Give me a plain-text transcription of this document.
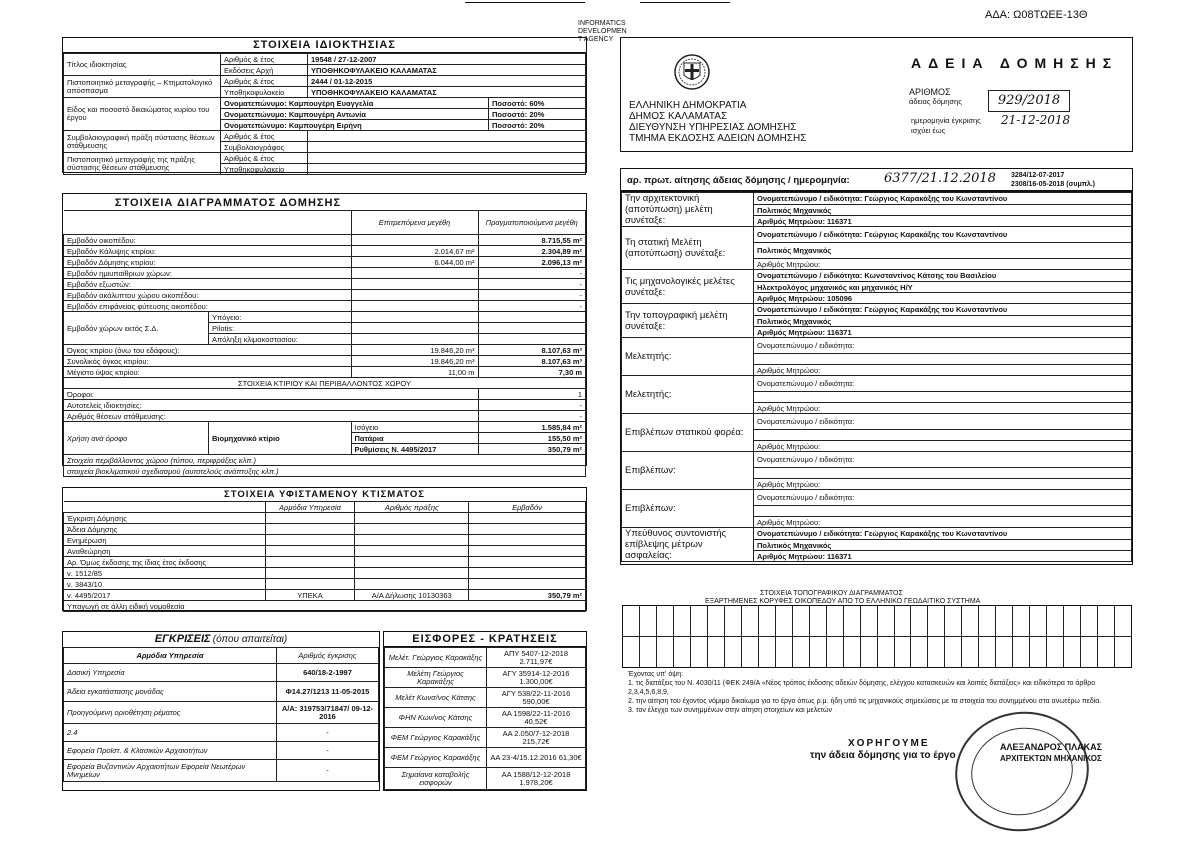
ΑΔΑ: Ω08ΤΩΕΕ-13Θ
INFORMATICS
DEVELOPMEN
T AGENCY
ΣΤΟΙΧΕΙΑ ΙΔΙΟΚΤΗΣΙΑΣ
Τίτλος ιδιοκτησίας	Αριθμός & έτος	19548 / 27-12-2007	
	Εκδόσεις Αρχή	ΥΠΟΘΗΚΟΦΥΛΑΚΕΙΟ ΚΑΛΑΜΑΤΑΣ	
Πιστοποιητικό μεταγραφής – Κτηματολογικό απόσπασμα	Αριθμός & έτος	2444 / 01-12-2015	
	Υποθηκοφυλακείο	ΥΠΟΘΗΚΟΦΥΛΑΚΕΙΟ ΚΑΛΑΜΑΤΑΣ	
Είδος και ποσοστό δικαιώματος κυρίου του έργου	Ονοματεπώνυμο: Καμπουγέρη Ευαγγελία		Ποσοστό: 60%
	Ονοματεπώνυμο: Καμπουγέρη Αντωνία		Ποσοστό: 20%
	Ονοματεπώνυμο: Καμπουγέρη Ειρήνη		Ποσοστό: 20%
Συμβολαιογραφική πράξη σύστασης θέσεων στάθμευσης	Αριθμός & έτος		
	Συμβολαιογράφος		
Πιστοποιητικό μεταγραφής της πράξης σύστασης θέσεων στάθμευσης	Αριθμός & έτος		
	Υποθηκοφυλακείο		
ΣΤΟΙΧΕΙΑ ΔΙΑΓΡΑΜΜΑΤΟΣ ΔΟΜΗΣΗΣ
		Επιτρεπόμενα μεγέθη	Πραγματοποιούμενα μεγέθη
Εμβαδόν οικοπέδου:			8.715,55 m²
Εμβαδόν Κάλυψης κτιρίου:		2.014,67 m²	2.304,89 m²
Εμβαδόν Δόμησης κτιρίου:		6.044,00 m²	2.096,13 m²
Εμβαδόν ημιυπαίθριων χώρων:			-
Εμβαδόν εξωστών:			-
Εμβαδόν ακάλυπτου χώρου οικοπέδου:			-
Εμβαδόν επιφάνειας φύτευσης οικοπέδου:			-
Εμβαδόν χώρων εκτός Σ.Δ.	Υπόγειο:		
	Pilotis:		
	Απόληξη κλιμακοστασίου:		
Όγκος κτιρίου (όνω του εδάφους):		19.846,20 m³	8.107,63 m³
Συνολικός όγκος κτιρίου:		19.846,20 m³	8.107,63 m³
Μέγιστο ύψος κτιρίου:		11,00 m	7,30 m
ΣΤΟΙΧΕΙΑ ΚΤΙΡΙΟΥ ΚΑΙ ΠΕΡΙΒΑΛΛΟΝΤΟΣ ΧΩΡΟΥ			
Όροφοι:			1
Αυτοτελείς ιδιοκτησίες:			-
Αριθμός θέσεων στάθμευσης:			-
Χρήση ανά όροφο	Βιομηχανικό κτίριο	Ισόγειο	1.585,84 m²
		Πατάρια	155,50 m²
		Ρυθμίσεις Ν. 4495/2017	350,79 m²
Στοιχεία περιβάλλοντος χώρου (τύπου, περιφράξεις κλπ.)			
στοιχεία βιοκλιματικού σχεδιασμού (αυτοτελούς ανάπτυξης κλπ.)			
ΣΤΟΙΧΕΙΑ ΥΦΙΣΤΑΜΕΝΟΥ ΚΤΙΣΜΑΤΟΣ
	Αρμόδια Υπηρεσία	Αριθμός πράξης	Εμβαδόν
Έγκριση Δόμησης			
Άδεια Δόμησης			
Ενημέρωση			
Αναθεώρηση			
Αρ. Όμως έκδοσης της ίδιας έτος έκδοσης			
ν. 1512/85			
ν. 3843/10			
ν. 4495/2017	ΥΠΕΚΑ	Α/Α Δήλωσης 10130363	350,79 m²
Υπαγωγή σε άλλη ειδική νομοθεσία			
ΕΓΚΡΙΣΕΙΣ (όπου απαιτείται)
Αρμόδια Υπηρεσία	Αριθμός έγκρισης
Δασική Υπηρεσία	640/18-2-1997
Άδεια εγκατάστασης μονάδας	Φ14.27/1213 11-05-2015
Προηγούμενη οριοθέτηση ρέματος	Α/Α: 319753/71847/ 09-12-2016
2.4	-
Εφορεία Προϊστ. & Κλασικών Αρχαιοτήτων	-
Εφορεία Βυζαντινών Αρχαιοτήτων Εφορεία Νεωτέρων Μνημείων	-
ΕΙΣΦΟΡΕΣ - ΚΡΑΤΗΣΕΙΣ
Μελέτ. Γεώργιος Καρακάξης	ΑΠΥ 5407-12-2018 2.711,97€
Μελέτη Γεώργιος Καρακάξης	ΑΓΥ 35914-12-2016 1.300,00€
Μελέτ Κωνσ/νος Κάτσης	ΑΓΥ 538/22-11-2016 590,00€
ΦΗΝ Κων/νος Κάτσης	ΑΑ 1598/22-11-2016 40,52€
ΦΕΜ Γεώργιος Καρακάξης	ΑΑ 2.050/7-12-2018 215,72€
ΦΕΜ Γεώργιος Καρακάξης	ΑΑ 23-4/15.12.2016 61,30€
Σημαίανα καταβολής εισφορών	ΑΑ 1588/12-12-2018 1.978,20€
ΕΛΛΗΝΙΚΗ ΔΗΜΟΚΡΑΤΙΑ
ΔΗΜΟΣ ΚΑΛΑΜΑΤΑΣ
ΔΙΕΥΘΥΝΣΗ ΥΠΗΡΕΣΙΑΣ ΔΟΜΗΣΗΣ
ΤΜΗΜΑ ΕΚΔΟΣΗΣ ΑΔΕΙΩΝ ΔΟΜΗΣΗΣ
ΑΔΕΙΑ ΔΟΜΗΣΗΣ
ΑΡΙΘΜΟΣ
άδειας δόμησης	929/2018
ημερομηνία έγκρισης
ισχύει έως
21-12-2018
αρ. πρωτ. αίτησης άδειας δόμησης / ημερομηνία:	6377/21.12.2018 3284/12-07-2017
2308/16-05-2018 (συμπλ.)
Την αρχιτεκτονική (αποτύπωση) μελέτη συνέταξε:	Ονοματεπώνυμο / ειδικότητα: Γεώργιος Καρακάξης του Κωνσταντίνου
	Πολιτικός Μηχανικός
	Αριθμός Μητρώου: 116371
Τη στατική Μελέτη (αποτύπωση) συνέταξε:	Ονοματεπώνυμο / ειδικότητα: Γεώργιος Καρακάξης του Κωνσταντίνου
	Πολιτικός Μηχανικός
	Αριθμός Μητρώου:
Τις μηχανολογικές μελέτες συνέταξε:	Ονοματεπώνυμο / ειδικότητα: Κωνσταντίνος Κάτσης του Βασιλείου
	Ηλεκτρολόγος μηχανικός και μηχανικός Η/Υ
	Αριθμός Μητρώου: 105096
Την τοπογραφική μελέτη συνέταξε:	Ονοματεπώνυμο / ειδικότητα: Γεώργιος Καρακάξης του Κωνσταντίνου
	Πολιτικός Μηχανικός
	Αριθμός Μητρώου: 116371
Μελετητής:	Ονοματεπώνυμο / ειδικότητα:

	Αριθμός Μητρώου:
Μελετητής:	Ονοματεπώνυμο / ειδικότητα:

	Αριθμός Μητρώου:
Επιβλέπων στατικού φορέα:	Ονοματεπώνυμο / ειδικότητα:

	Αριθμός Μητρώου:
Επιβλέπων:	Ονοματεπώνυμο / ειδικότητα:

	Αριθμός Μητρώου:
Επιβλέπων:	Ονοματεπώνυμο / ειδικότητα:

	Αριθμός Μητρώου:
Υπεύθυνος συντονιστής επίβλεψης μέτρων ασφαλείας:	Ονοματεπώνυμο / ειδικότητα: Γεώργιος Καρακάξης του Κωνσταντίνου
	Πολιτικός Μηχανικός
	Αριθμός Μητρώου: 116371
ΣΤΟΙΧΕΙΑ ΤΟΠΟΓΡΑΦΙΚΟΥ ΔΙΑΓΡΑΜΜΑΤΟΣ
ΕΞΑΡΤΗΜΕΝΕΣ ΚΟΡΥΦΕΣ ΟΙΚΟΠΕΔΟΥ ΑΠΟ ΤΟ ΕΛΛΗΝΙΚΟ ΓΕΩΔΑΙΤΙΚΟ ΣΥΣΤΗΜΑ
Έχοντας υπ' όψη:
1. τις διατάξεις του Ν. 4030/11 (ΦΕΚ 249/Α «Νέος τρόπος έκδοσης αδειών δόμησης, ελέγχου κατασκευών και λοιπές διατάξεις» και ειδικότερα το άρθρο 2,3,4,5,6,8,9,
2. την αίτηση του έχοντος νόμιμο δικαίωμα για το έργο όπως ρ.μ. ήδη υπό τις μηχανικούς σημειώσεις με τα στοιχεία του συνημμένου στα ανωτέρω πεδία.
3. τον έλεγχο των συνημμένων στην αίτηση στοιχείων και μελετών
ΧΟΡΗΓΟΥΜΕ
την άδεια δόμησης για το έργο
ΑΛΕΞΑΝΔΡΟΣ ΠΛΑΚΑΣ
ΑΡΧΙΤΕΚΤΩΝ ΜΗΧΑΝΙΚΟΣ
